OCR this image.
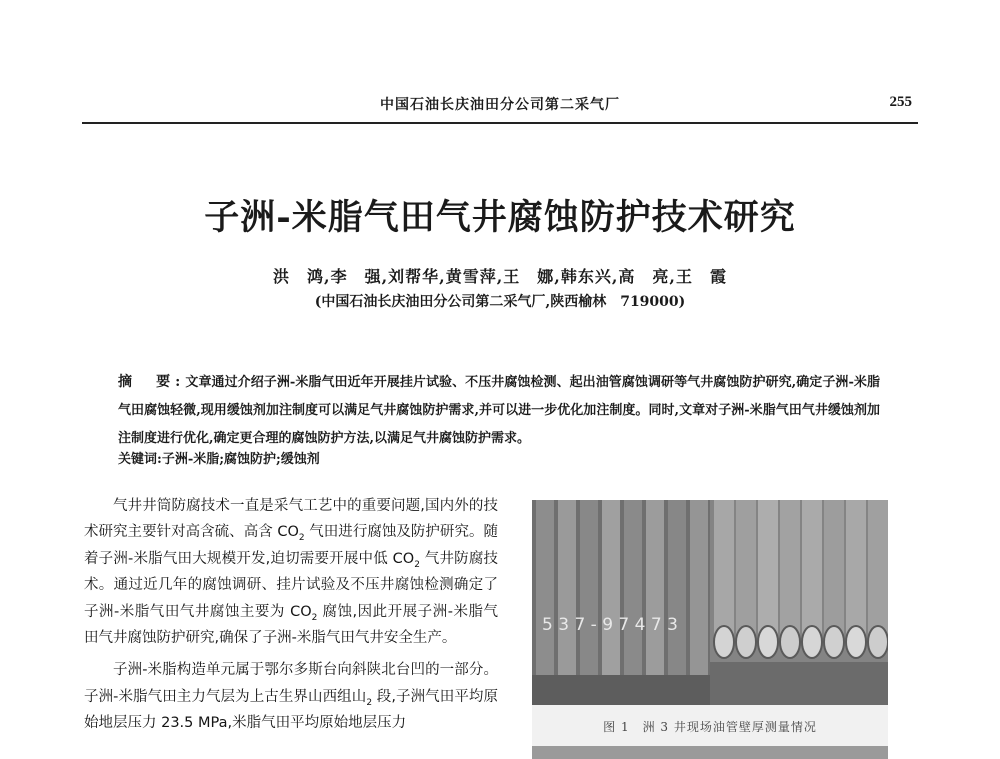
中国石油长庆油田分公司第二采气厂	255
子洲-米脂气田气井腐蚀防护技术研究
洪　鸿,李　强,刘帮华,黄雪萍,王　娜,韩东兴,高　亮,王　霞
(中国石油长庆油田分公司第二采气厂,陕西榆林　719000)
摘　要:文章通过介绍子洲-米脂气田近年开展挂片试验、不压井腐蚀检测、起出油管腐蚀调研等气井腐蚀防护研究,确定子洲-米脂气田腐蚀轻微,现用缓蚀剂加注制度可以满足气井腐蚀防护需求,并可以进一步优化加注制度。同时,文章对子洲-米脂气田气井缓蚀剂加注制度进行优化,确定更合理的腐蚀防护方法,以满足气井腐蚀防护需求。
关键词:子洲-米脂;腐蚀防护;缓蚀剂

气井井筒防腐技术一直是采气工艺中的重要问题,国内外的技术研究主要针对高含硫、高含 $CO_2$ 气田进行腐蚀及防护研究。随着子洲-米脂气田大规模开发,迫切需要开展中低 $CO_2$ 气井防腐技术。通过近几年的腐蚀调研、挂片试验及不压井腐蚀检测确定了子洲-米脂气田气井腐蚀主要为 $CO_2$ 腐蚀,因此开展子洲-米脂气田气井腐蚀防护研究,确保了子洲-米脂气田气井安全生产。

子洲-米脂构造单元属于鄂尔多斯台向斜陕北台凹的一部分。子洲-米脂气田主力气层为上古生界山西组山$_2$ 段,子洲气田平均原始地层压力 23.5 MPa,米脂气田平均原始地层压力

5 3 7 - 9 7 4 7 3
图 1　洲 3 井现场油管壁厚测量情况
